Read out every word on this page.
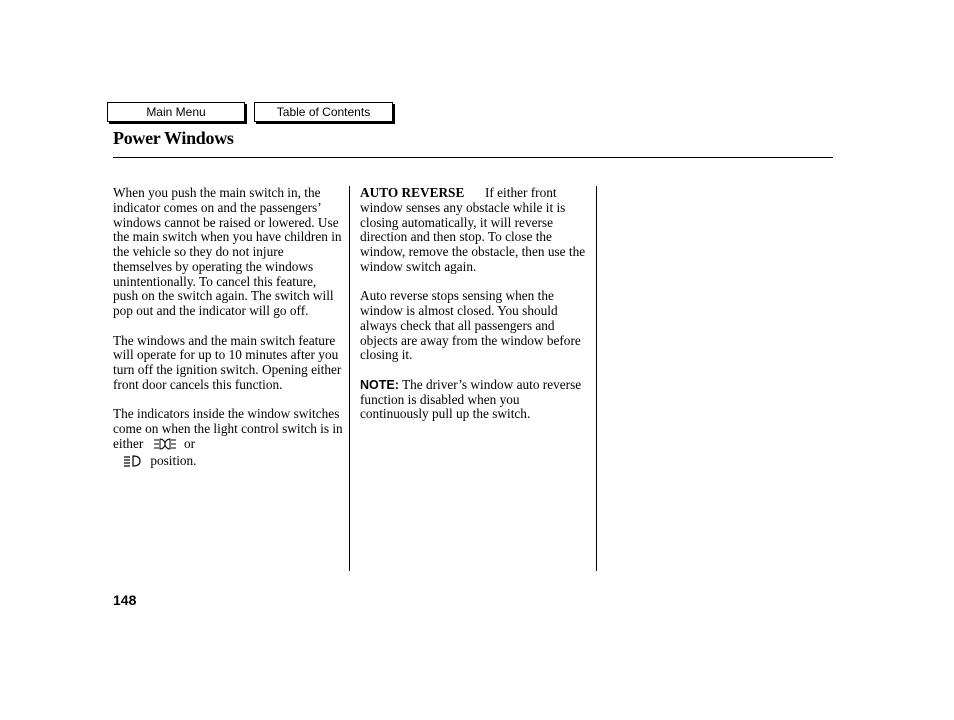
Main Menu	Table of Contents
Power Windows

When you push the main switch in, the indicator comes on and the passengers’ windows cannot be raised or lowered. Use the main switch when you have children in the vehicle so they do not injure themselves by operating the windows unintentionally. To cancel this feature, push on the switch again. The switch will pop out and the indicator will go off.

The windows and the main switch feature will operate for up to 10 minutes after you turn off the ignition switch. Opening either front door cancels this function.

The indicators inside the window switches come on when the light control switch is in either	or
position.

AUTO REVERSE If either front window senses any obstacle while it is closing automatically, it will reverse direction and then stop. To close the window, remove the obstacle, then use the window switch again.

Auto reverse stops sensing when the window is almost closed. You should always check that all passengers and objects are away from the window before closing it.

NOTE: The driver’s window auto reverse function is disabled when you continuously pull up the switch.

148
